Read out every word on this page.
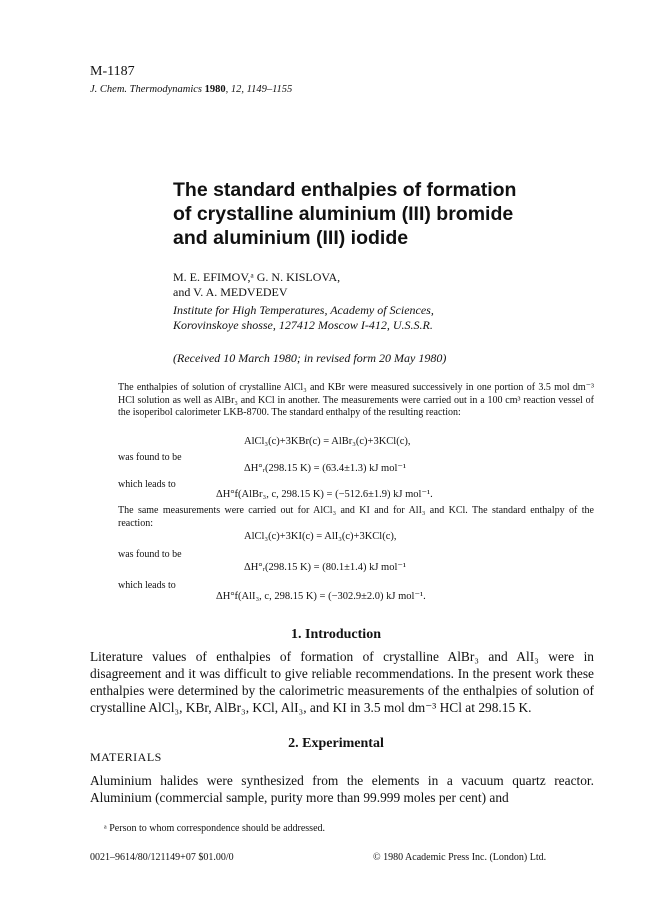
M-1187
J. Chem. Thermodynamics 1980, 12, 1149–1155
The standard enthalpies of formation
of crystalline aluminium (III) bromide
and aluminium (III) iodide
M. E. EFIMOV,ᵃ G. N. KISLOVA,
and V. A. MEDVEDEV
Institute for High Temperatures, Academy of Sciences,
Korovinskoye shosse, 127412 Moscow I-412, U.S.S.R.
(Received 10 March 1980; in revised form 20 May 1980)
The enthalpies of solution of crystalline AlCl₃ and KBr were measured successively in one portion of 3.5 mol dm⁻³ HCl solution as well as AlBr₃ and KCl in another. The measurements were carried out in a 100 cm³ reaction vessel of the isoperibol calorimeter LKB-8700. The standard enthalpy of the resulting reaction:
AlCl₃(c)+3KBr(c) = AlBr₃(c)+3KCl(c),
was found to be
ΔH°ᵣ(298.15 K) = (63.4±1.3) kJ mol⁻¹
which leads to
ΔH°f(AlBr₃, c, 298.15 K) = (−512.6±1.9) kJ mol⁻¹.
The same measurements were carried out for AlCl₃ and KI and for AlI₃ and KCl. The standard enthalpy of the reaction:
AlCl₃(c)+3KI(c) = AlI₃(c)+3KCl(c),
was found to be
ΔH°ᵣ(298.15 K) = (80.1±1.4) kJ mol⁻¹
which leads to
ΔH°f(AlI₃, c, 298.15 K) = (−302.9±2.0) kJ mol⁻¹.
1. Introduction
Literature values of enthalpies of formation of crystalline AlBr₃ and AlI₃ were in disagreement and it was difficult to give reliable recommendations. In the present work these enthalpies were determined by the calorimetric measurements of the enthalpies of solution of crystalline AlCl₃, KBr, AlBr₃, KCl, AlI₃, and KI in 3.5 mol dm⁻³ HCl at 298.15 K.
2. Experimental
MATERIALS
Aluminium halides were synthesized from the elements in a vacuum quartz reactor. Aluminium (commercial sample, purity more than 99.999 moles per cent) and
ᵃ Person to whom correspondence should be addressed.
0021–9614/80/121149+07 $01.00/0	© 1980 Academic Press Inc. (London) Ltd.
